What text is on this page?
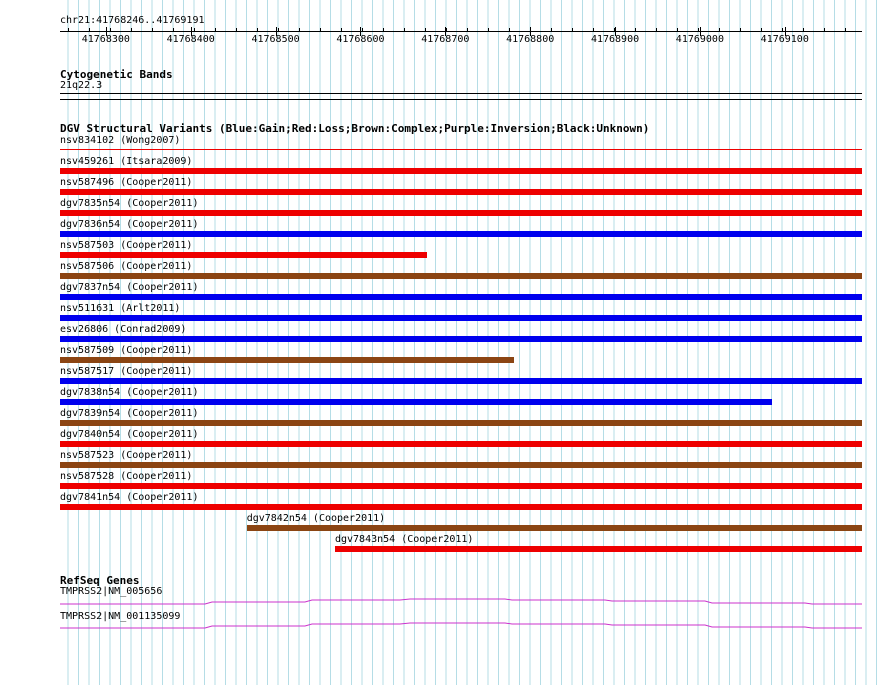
chr21:41768246..41769191
41768300	41768400	41768500	41768600	41768700	41768800	41768900	41769000	41769100
Cytogenetic Bands
21q22.3
DGV Structural Variants (Blue:Gain;Red:Loss;Brown:Complex;Purple:Inversion;Black:Unknown)
nsv834102 (Wong2007)
nsv459261 (Itsara2009)
nsv587496 (Cooper2011)
dgv7835n54 (Cooper2011)
dgv7836n54 (Cooper2011)
nsv587503 (Cooper2011)
nsv587506 (Cooper2011)
dgv7837n54 (Cooper2011)
nsv511631 (Arlt2011)
esv26806 (Conrad2009)
nsv587509 (Cooper2011)
nsv587517 (Cooper2011)
dgv7838n54 (Cooper2011)
dgv7839n54 (Cooper2011)
dgv7840n54 (Cooper2011)
nsv587523 (Cooper2011)
nsv587528 (Cooper2011)
dgv7841n54 (Cooper2011)
dgv7842n54 (Cooper2011)
dgv7843n54 (Cooper2011)
RefSeq Genes
TMPRSS2|NM_005656
TMPRSS2|NM_001135099
